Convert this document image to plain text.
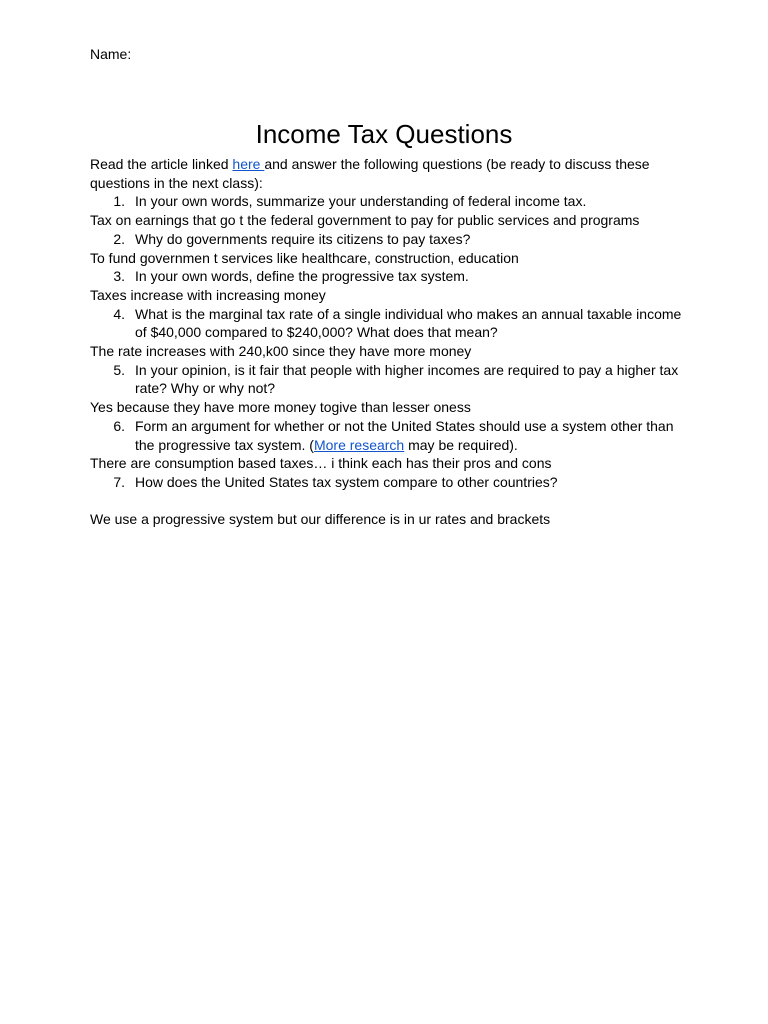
Name:
Income Tax Questions

Read the article linked here and answer the following questions (be ready to discuss these questions in the next class):

1. In your own words, summarize your understanding of federal income tax.

Tax on earnings that go t the federal government to pay for public services and programs

2. Why do governments require its citizens to pay taxes?

To fund governmen t services like healthcare, construction, education

3. In your own words, define the progressive tax system.

Taxes increase with increasing money

4. What is the marginal tax rate of a single individual who makes an annual taxable income of $40,000 compared to $240,000? What does that mean?

The rate increases with 240,k00 since they have more money

5. In your opinion, is it fair that people with higher incomes are required to pay a higher tax rate? Why or why not?

Yes because they have more money togive than lesser oness

6. Form an argument for whether or not the United States should use a system other than the progressive tax system. (More research may be required).

There are consumption based taxes… i think each has their pros and cons

7. How does the United States tax system compare to other countries?

We use a progressive system but our difference is in ur rates and brackets
